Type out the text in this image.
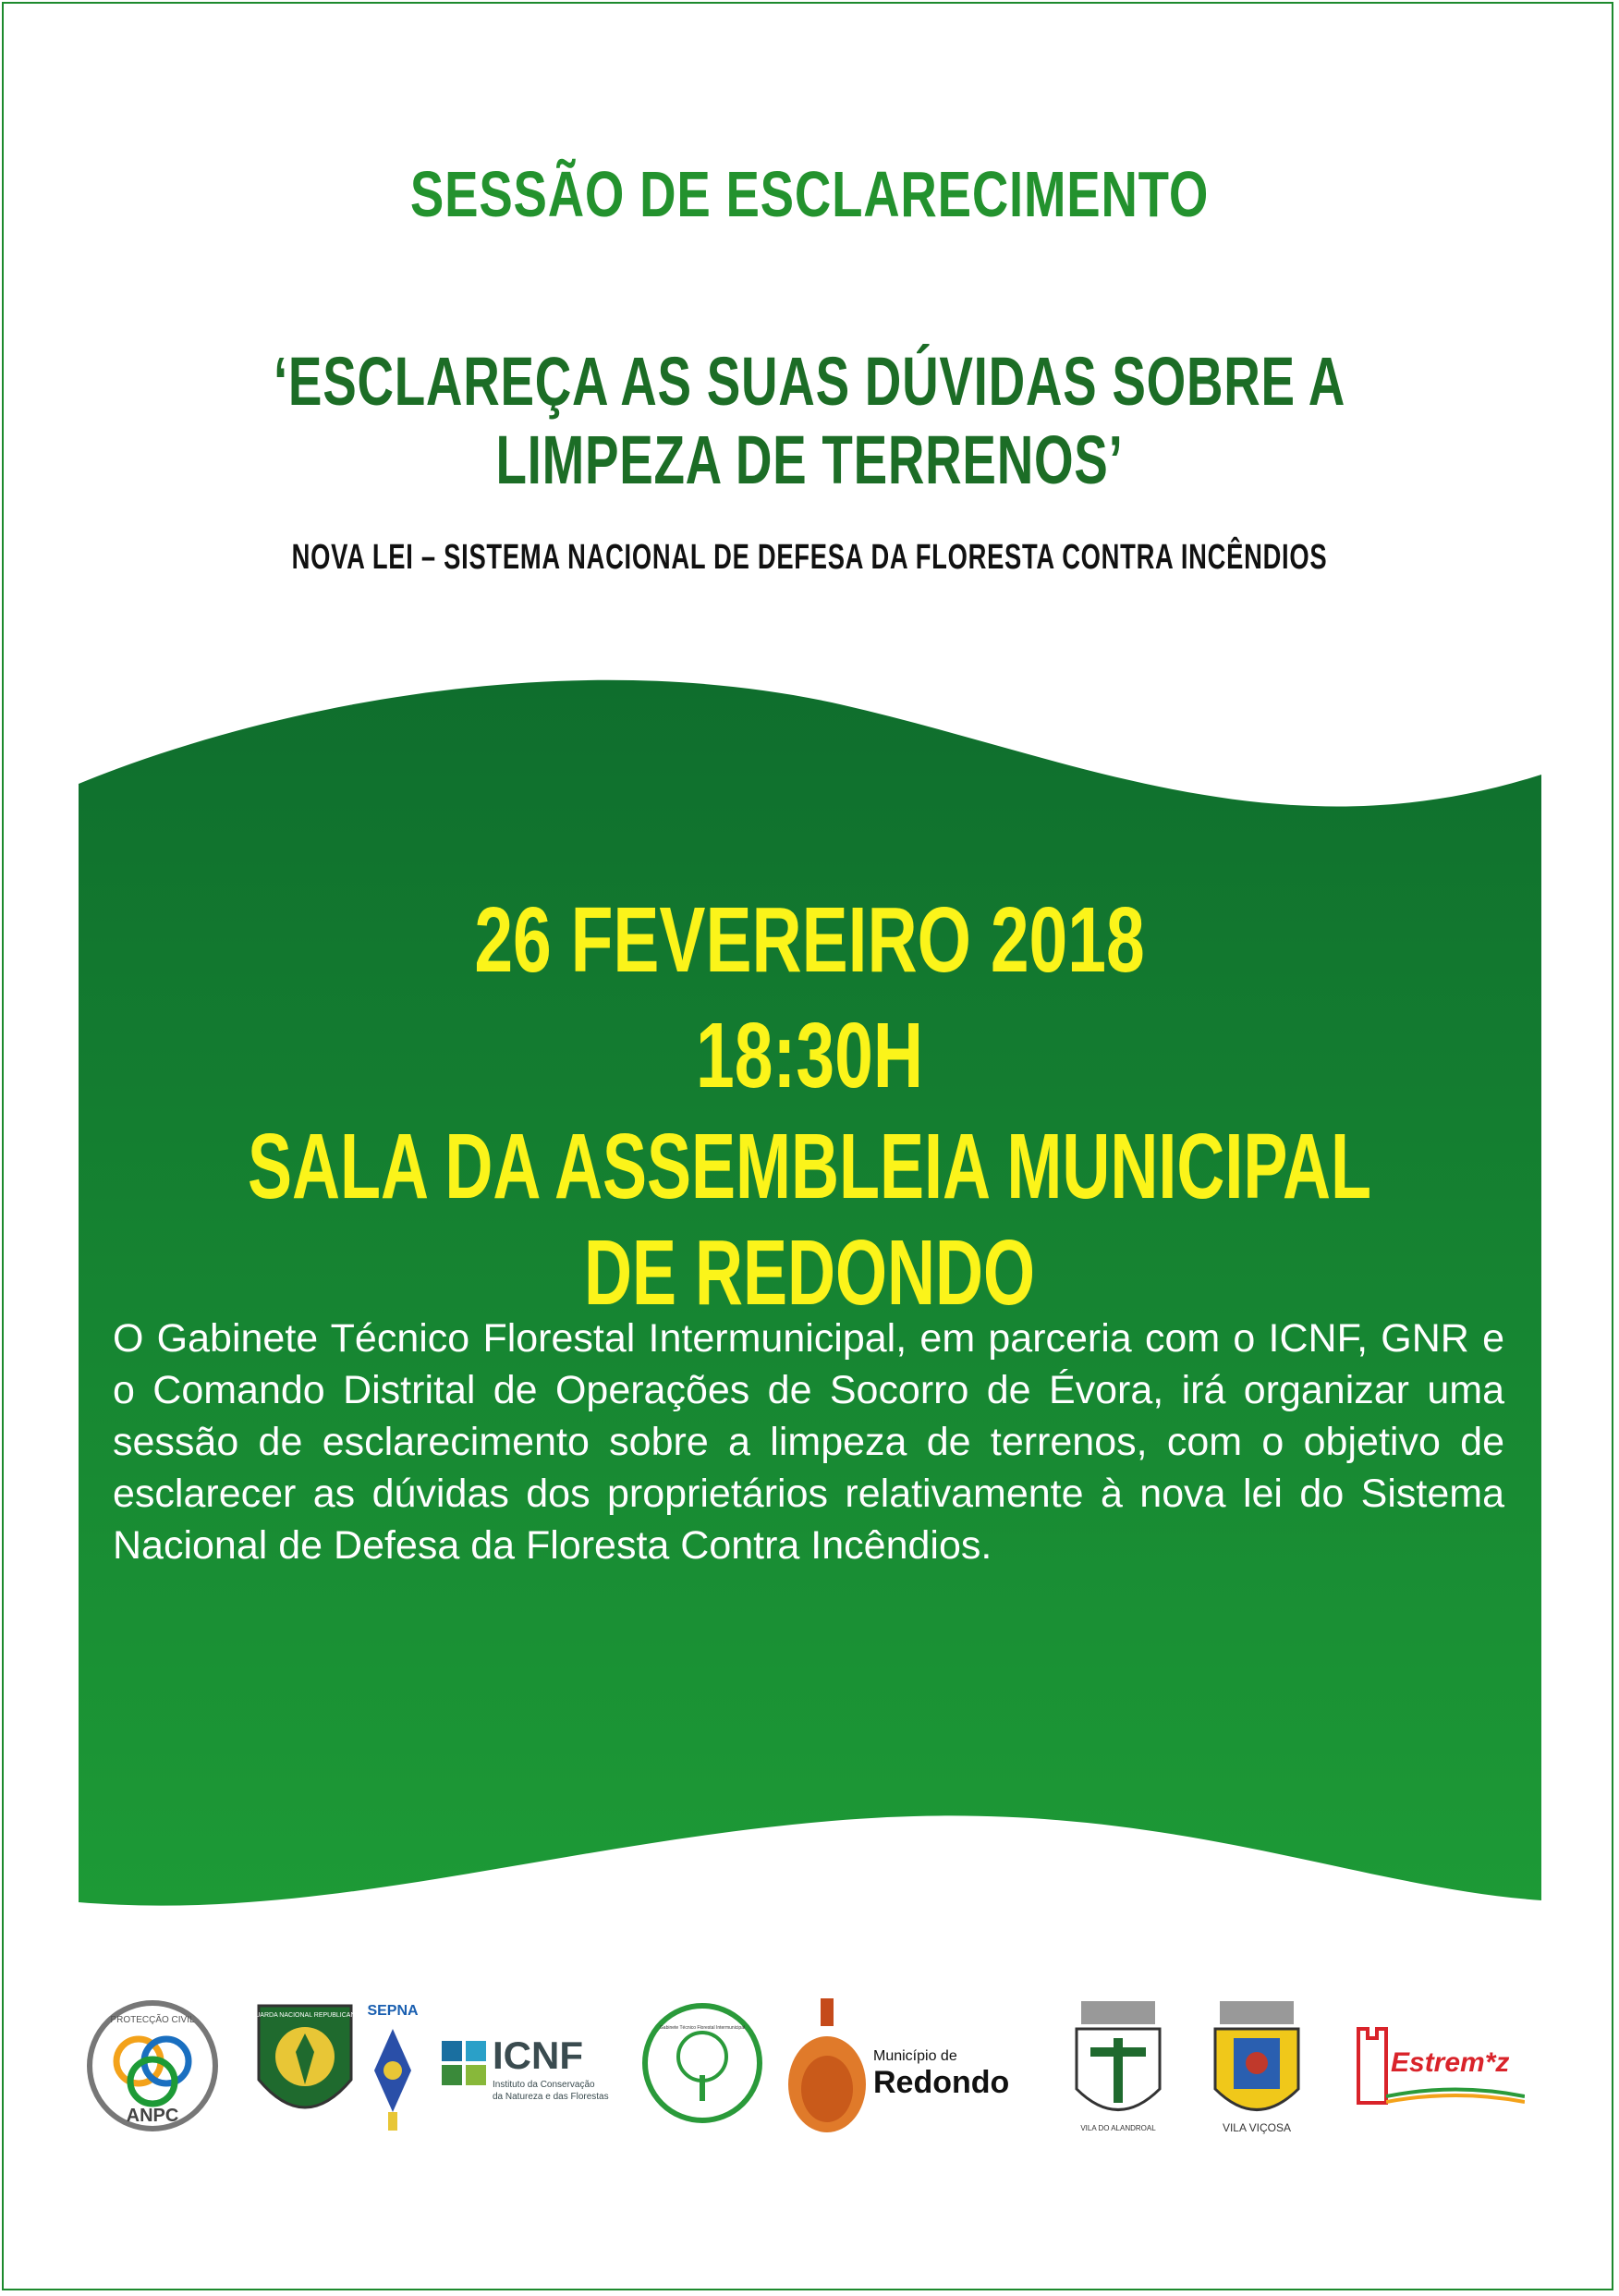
SESSÃO DE ESCLARECIMENTO
‘ESCLAREÇA AS SUAS DÚVIDAS SOBRE A LIMPEZA DE TERRENOS’
NOVA LEI – SISTEMA NACIONAL DE DEFESA DA FLORESTA CONTRA INCÊNDIOS
26 FEVEREIRO 2018
18:30H
SALA DA ASSEMBLEIA MUNICIPAL DE REDONDO
O Gabinete Técnico Florestal Intermunicipal, em parceria com o ICNF, GNR e o Comando Distrital de Operações de Socorro de Évora, irá organizar uma sessão de esclarecimento sobre a limpeza de terrenos, com o objetivo de esclarecer as dúvidas dos proprietários relativamente à nova lei do Sistema Nacional de Defesa da Floresta Contra Incêndios.
ANPC
PROTECÇÃO CIVIL	GUARDA NACIONAL REPUBLICANA SEPNA
ICNF
Instituto da Conservação
da Natureza e das Florestas
Gabinete Técnico Florestal Intermunicipal
Município de
Redondo
VILA DO ALANDROAL	VILA VIÇOSA
Estrem*z
